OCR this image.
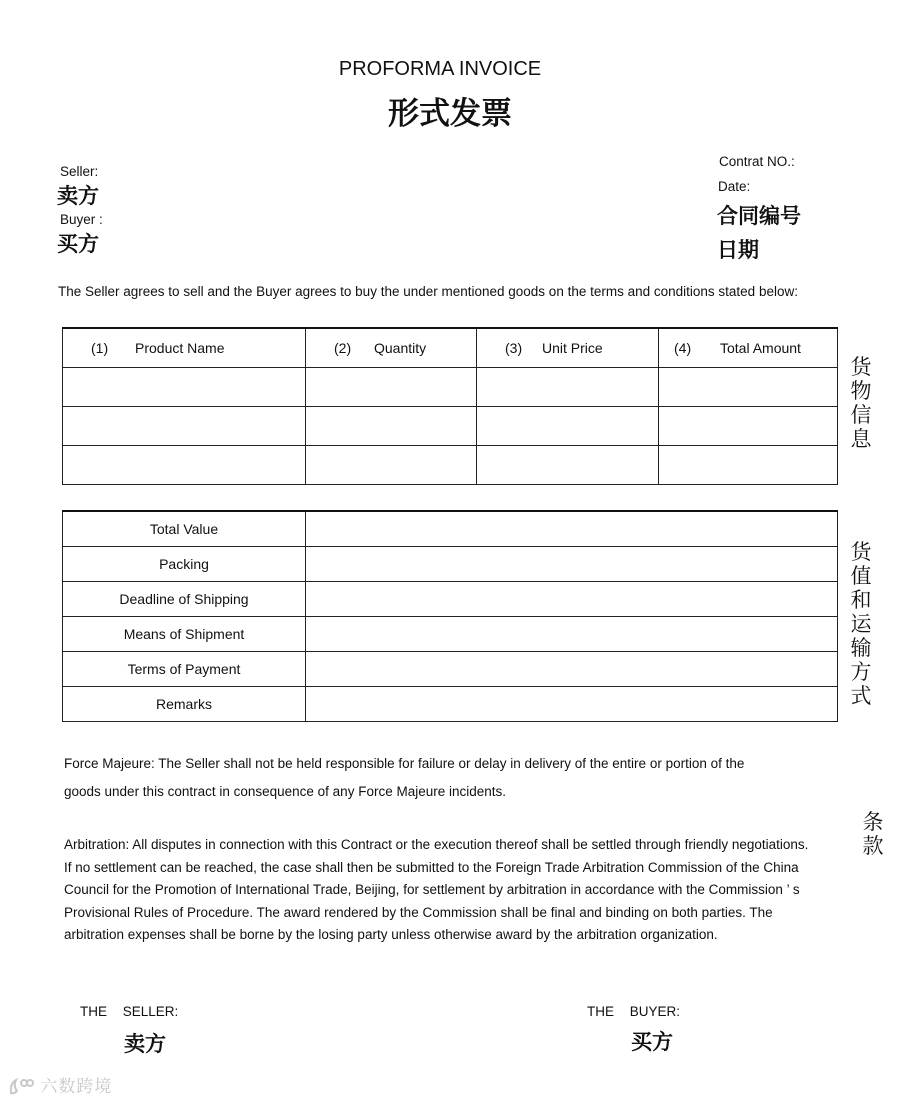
PROFORMA INVOICE
形式发票
Seller:
卖方
Buyer :
买方
Contrat NO.:
Date:
合同编号
日期
The Seller agrees to sell and the Buyer agrees to buy the under mentioned goods on the terms and conditions stated below:
(1) Product Name	(2) Quantity	(3) Unit Price	(4) Total Amount

货
物
信
息
Total Value	
Packing	
Deadline of Shipping	
Means of Shipment	
Terms of Payment	
Remarks	
货
值
和
运
输
方
式
Force Majeure: The Seller shall not be held responsible for failure or delay in delivery of the entire or portion of the
goods under this contract in consequence of any Force Majeure incidents.
条
款
Arbitration: All disputes in connection with this Contract or the execution thereof shall be settled through friendly negotiations.
If no settlement can be reached, the case shall then be submitted to the Foreign Trade Arbitration Commission of the China
Council for the Promotion of International Trade, Beijing, for settlement by arbitration in accordance with the Commission ’ s
Provisional Rules of Procedure. The award rendered by the Commission shall be final and binding on both parties. The
arbitration expenses shall be borne by the losing party unless otherwise award by the arbitration organization.
THE SELLER:
卖方
THE BUYER:
买方
六数跨境
